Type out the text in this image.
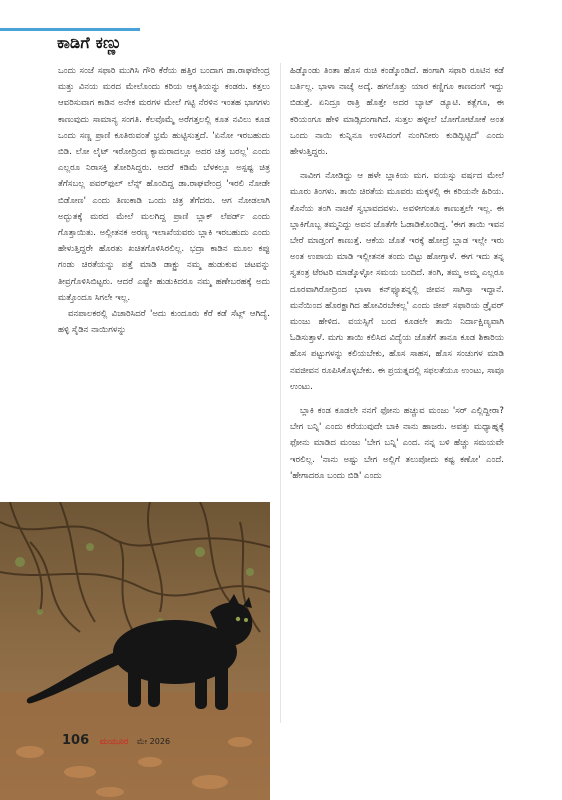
ಕಾಡಿಗೆ ಕಣ್ಣು

ಒಂದು ಸಂಜೆ ಸಫಾರಿ ಮುಗಿಸಿ ಗೌರಿ ಕೆರೆಯ ಹತ್ತಿರ ಬಂದಾಗ ಡಾ.ರಾಘವೇಂದ್ರ ಮತ್ತು ವಿನಯ ಮರದ ಮೇಲೊಂದು ಕರಿಯ ಆಕೃತಿಯನ್ನು ಕಂಡರು. ಕತ್ತಲು ಆವರಿಸುವಾಗ ಕಾಡಿನ ಅನೇಕ ಮರಗಳ ಮೇಲೆ ಗಟ್ಟಿ ನೆರಳಿನ ಇಂತಹ ಭಾಗಗಳು ಕಾಣುವುದು ಸಾಮಾನ್ಯ ಸಂಗತಿ. ಕೆಲವೊಮ್ಮೆ ಅರೆಗತ್ತಲಲ್ಲಿ ಕೂತ ನವಿಲು ಕೂಡ ಒಂದು ಸಣ್ಣ ಪ್ರಾಣಿ ಕೂತಿರುವಂತೆ ಭ್ರಮೆ ಹುಟ್ಟಿಸುತ್ತದೆ. 'ಏನೋ ಇರಬಹುದು ಬಿಡಿ. ಲೋ ಲೈಟ್ ಇರೋದ್ರಿಂದ ಕ್ಯಾಮರಾದಲ್ಲೂ ಅದರ ಚಿತ್ರ ಬರಲ್ಲ' ಎಂದು ಎಲ್ಲರೂ ನಿರಾಸಕ್ತಿ ತೋರಿಸಿದ್ದರು. ಆದರೆ ಕಡಿಮೆ ಬೆಳಕಲ್ಲೂ ಅಸ್ಪಷ್ಟ ಚಿತ್ರ ತೆಗೆಸಬಲ್ಲ ಪವರ್‌ಫುಲ್ ಲೆನ್ಸ್ ಹೊಂದಿದ್ದ ಡಾ.ರಾಘವೇಂದ್ರ 'ಇರಲಿ ನೋಡೇ ಬಿಡೋಣ' ಎಂದು ತಿಣುಕಾಡಿ ಒಂದು ಚಿತ್ರ ತೆಗೆದರು. ಆಗ ನೋಡಲಾಗಿ ಅದ್ಭುತಕ್ಕೆ ಮರದ ಮೇಲೆ ಮಲಗಿದ್ದ ಪ್ರಾಣಿ ಬ್ಲಾಕ್ ಲೆಪರ್ಡ್ ಎಂದು ಗೊತ್ತಾಯಿತು. ಅಲ್ಲೀತನಕ ಅರಣ್ಯ ಇಲಾಖೆಯವರು ಬ್ಲಾಕಿ ಇರಬಹುದು ಎಂದು ಹೇಳುತ್ತಿದ್ದರೇ ಹೊರತು ಖಚಿತಗೊಳಿಸಿರಲಿಲ್ಲ. ಭದ್ರಾ ಕಾಡಿನ ಮೂಲ ಕಪ್ಪು ಗಂಡು ಚಿರತೆಯನ್ನು ಪತ್ತೆ ಮಾಡಿ ಡಾಕ್ಟ್ರು ನಮ್ಮ ಹುಡುಕುವ ಚಟವನ್ನು ತೀವ್ರಗೊಳಿಸಿಬಿಟ್ಟರು. ಆದರೆ ಎಷ್ಟೇ ಹುಡುಕಿದರೂ ನಮ್ಮ ಹಣೇಬರಹಕ್ಕೆ ಅದು ಮತ್ತೊಂದೂ ಸಿಗಲೇ ಇಲ್ಲ.

ವನಪಾಲಕರಲ್ಲಿ ವಿಚಾರಿಸಿದರೆ 'ಅದು ಕುಂದೂರು ಕೆರೆ ಕಡೆ ಸೆಟ್ಲ್ ಆಗಿದ್ಯೆ. ಹಳ್ಳಿ ಸೈಡಿನ ನಾಯಿಗಳನ್ನು

ಹಿಡ್ಕೊಂಡು ತಿಂತಾ ಹೊಸ ರುಚಿ ಕಂಡ್ಕೊಂಡಿದೆ. ಹಂಗಾಗಿ ಸಫಾರಿ ರೂಟಿನ ಕಡೆ ಬರ್ತಿಲ್ಲ. ಭಾಳಾ ನಾಚ್ಕೆ ಅದ್ಕೆ. ಹಗಲೊತ್ತು ಯಾರ ಕಣ್ಣಿಗೂ ಕಾಣದಂಗೆ ಇದ್ದು ಬಿಡುತ್ತೆ. ಏನಿದ್ರೂ ರಾತ್ರಿ ಹೊತ್ತೇ ಅದರ ಬ್ಯಾಟ್ ಡ್ಯೂಟಿ. ಕತ್ಲೆಗೂ, ಈ ಕರಿಯಂಗೂ ಹೇಳಿ ಮಾಡ್ಸಿದಂಗಾಗಿದೆ. ಸುತ್ತಲ ಹಳ್ಳೀಲೆ ಬೋಗೋಟೋಕೆ ಅಂತ ಒಂದು ನಾಯಿ ಕುನ್ನಿನೂ ಉಳಿಸಿದಂಗೆ ನುಂಗಿನೀರು ಕುಡಿದ್ಬಿಟ್ಟಿದೆ' ಎಂದು ಹೇಳುತ್ತಿದ್ದರು.

ನಾವೀಗ ನೋಡಿದ್ದು ಆ ಹಳೇ ಬ್ಲಾಕಿಯ ಮಗ. ವಯಸ್ಸು ವರ್ಷದ ಮೇಲೆ ಮೂರು ತಿಂಗಳು. ತಾಯಿ ಚಿರತೆಯ ಮೂವರು ಮಕ್ಕಳಲ್ಲಿ ಈ ಕರಿಯನೇ ಹಿರಿಯ. ಕೊನೆಯ ತಂಗಿ ನಾಚಿಕೆ ಸ್ವಭಾವದವಳು. ಅವಳೀಗಂತೂ ಕಾಣುತ್ತಲೇ ಇಲ್ಲ. ಈ ಬ್ಲಾಕಿಗೊಬ್ಬ ತಮ್ಮನಿದ್ದು ಅವನ ಜೊತೆಗೇ ಓಡಾಡಿಕೊಂಡಿದ್ದ. 'ಈಗ ತಾಯಿ ಇವನ ಬೇರೆ ಮಾಡ್ತಂಗೆ ಕಾಣುತ್ತೆ. ಆಕೆಯ ಜೊತೆ ಇರಕ್ಕೆ ಹೋದ್ರೆ ಬ್ಲಾಡ ಇಲ್ಲೇ ಇರು ಅಂತ ಉಪಾಯ ಮಾಡಿ ಇಲ್ಲೀತನಕ ತಂದು ಬಿಟ್ಟು ಹೋಗ್ತಾಳೆ. ಈಗ ಇದು ತನ್ನ ಸ್ವತಂತ್ರ ಟೆರಟರಿ ಮಾಡ್ಕೊಳ್ಳೋ ಸಮಯ ಬಂದಿದೆ. ತಂಗಿ, ತಮ್ಮ ಅಮ್ಮ ಎಲ್ಲರೂ ದೂರವಾಗಿರೋದ್ರಿಂದ ಭಾಳಾ ಕನ್‌ಫ್ಯೂಶನ್ನಲ್ಲಿ ಜೀವನ ಸಾಗಿಸ್ತಾ ಇದ್ದಾನೆ. ಮನೆಯಿಂದ ಹೊರಕ್ಹಾಗಿದ ಹೋವಿರಬೇಕಲ್ಲ' ಎಂದು ಜೀಪ್ ಸಫಾರಿಯ ಡ್ರೈವರ್ ಮಂಜು ಹೇಳಿದ. ವಯಸ್ಸಿಗೆ ಬಂದ ಕೂಡಲೇ ತಾಯಿ ನಿರ್ದಾಕ್ಷಿಣ್ಯವಾಗಿ ಓಡಿಸುತ್ತಾಳೆ. ಮಗು ತಾಯಿ ಕಲಿಸಿದ ವಿದ್ಯೆಯ ಜೊತೆಗೆ ತಾನೂ ಕೂಡ ಶಿಕಾರಿಯ ಹೊಸ ಪಟ್ಟುಗಳನ್ನು ಕಲಿಯಬೇಕು, ಹೊಸ ಸಾಹಸ, ಹೊಸ ಸಂಚುಗಳ ಮಾಡಿ ನವಜೀವನ ರೂಪಿಸಿಕೊಳ್ಳಬೇಕು. ಈ ಪ್ರಯತ್ನದಲ್ಲಿ ಸಫಲತೆಯೂ ಉಂಟು, ಸಾವೂ ಉಂಟು.

ಬ್ಲಾಕಿ ಕಂಡ ಕೂಡಲೇ ನನಗೆ ಫೋನು ಹಚ್ಚುವ ಮಂಜು 'ಸರ್ ಎಲ್ಲಿದ್ದೀರಾ? ಬೇಗ ಬನ್ನಿ' ಎಂದು ಕರೆಯುವುದೇ ಬಾಕಿ ನಾನು ಹಾಜರು. ಅವತ್ತು ಮಧ್ಯಾಹ್ನಕ್ಕೆ ಫೋನು ಮಾಡಿದ ಮಂಜು 'ಬೇಗ ಬನ್ನಿ' ಎಂದ. ನನ್ನ ಬಳಿ ಹೆಚ್ಚು ಸಮಯವೇ ಇರಲಿಲ್ಲ. 'ನಾನು ಅಷ್ಟು ಬೇಗ ಅಲ್ಲಿಗೆ ತಲುಪೋದು ಕಷ್ಟ ಕಣೋ' ಎಂದೆ. 'ಹೇಗಾದರೂ ಬಂದು ಬಿಡಿ' ಎಂದು

106 ಮಯೂರ ಮೇ 2026
